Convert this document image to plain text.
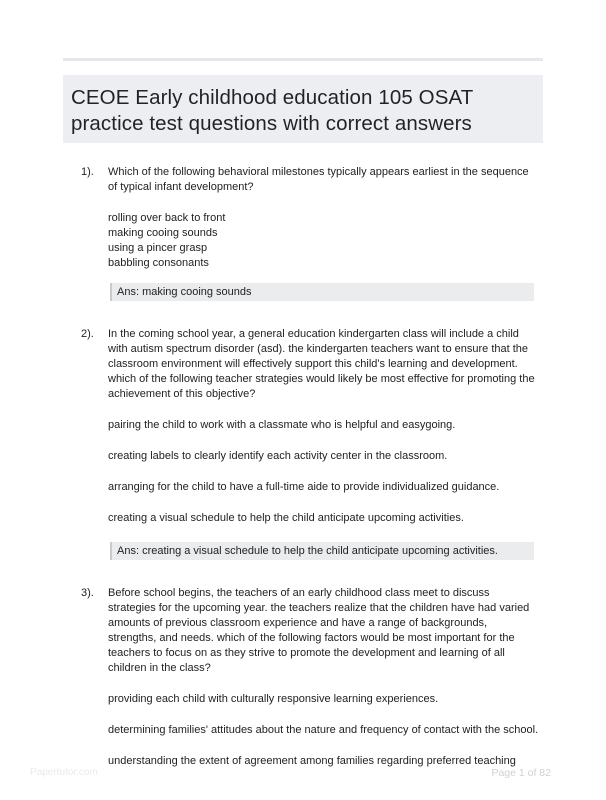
CEOE Early childhood education 105 OSAT practice test questions with correct answers
1). Which of the following behavioral milestones typically appears earliest in the sequence of typical infant development?
rolling over back to front
making cooing sounds
using a pincer grasp
babbling consonants
Ans: making cooing sounds
2). In the coming school year, a general education kindergarten class will include a child with autism spectrum disorder (asd). the kindergarten teachers want to ensure that the classroom environment will effectively support this child's learning and development. which of the following teacher strategies would likely be most effective for promoting the achievement of this objective?
pairing the child to work with a classmate who is helpful and easygoing.
creating labels to clearly identify each activity center in the classroom.
arranging for the child to have a full-time aide to provide individualized guidance.
creating a visual schedule to help the child anticipate upcoming activities.
Ans: creating a visual schedule to help the child anticipate upcoming activities.
3). Before school begins, the teachers of an early childhood class meet to discuss strategies for the upcoming year. the teachers realize that the children have had varied amounts of previous classroom experience and have a range of backgrounds, strengths, and needs. which of the following factors would be most important for the teachers to focus on as they strive to promote the development and learning of all children in the class?
providing each child with culturally responsive learning experiences.
determining families' attitudes about the nature and frequency of contact with the school.
understanding the extent of agreement among families regarding preferred teaching
Papertutor.com	Page 1 of 82
